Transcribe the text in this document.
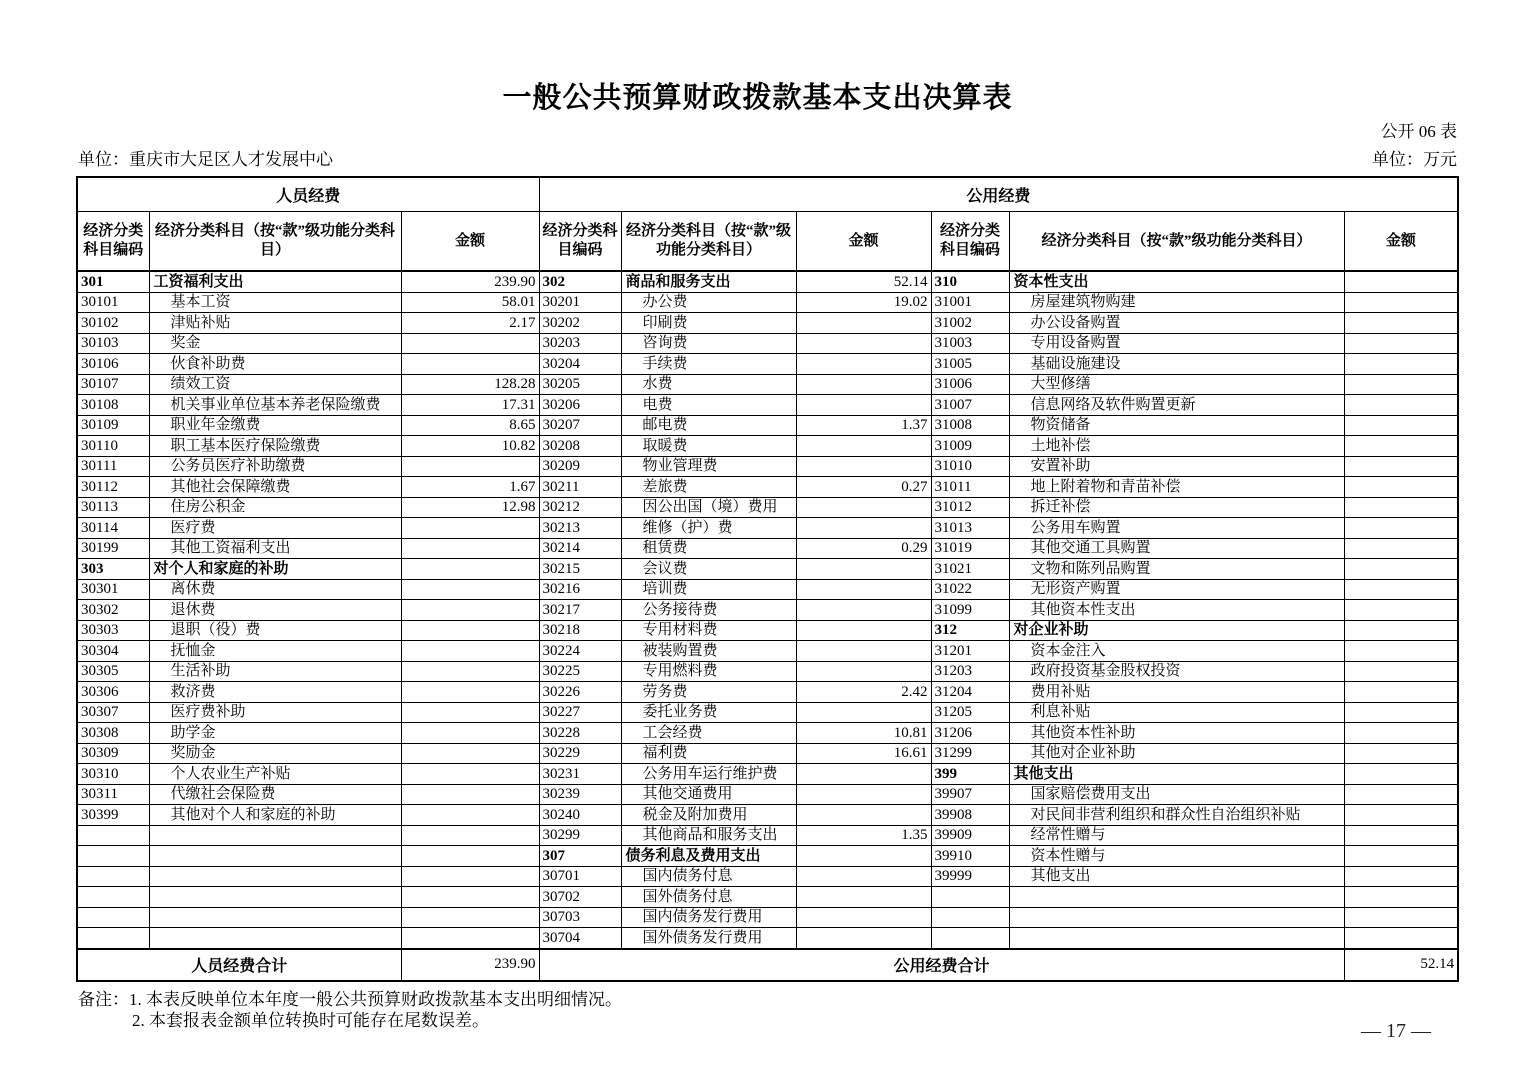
一般公共预算财政拨款基本支出决算表
公开 06 表
单位：重庆市大足区人才发展中心	单位：万元
人员经费			公用经费					
经济分类科目编码	经济分类科目（按“款”级功能分类科目）	金额	经济分类科目编码	经济分类科目（按“款”级功能分类科目）	金额	经济分类科目编码	经济分类科目（按“款”级功能分类科目）	金额
301	工资福利支出	239.90	302	商品和服务支出	52.14	310	资本性支出	
30101	基本工资	58.01	30201	办公费	19.02	31001	房屋建筑物购建	
30102	津贴补贴	2.17	30202	印刷费		31002	办公设备购置	
30103	奖金		30203	咨询费		31003	专用设备购置	
30106	伙食补助费		30204	手续费		31005	基础设施建设	
30107	绩效工资	128.28	30205	水费		31006	大型修缮	
30108	机关事业单位基本养老保险缴费	17.31	30206	电费		31007	信息网络及软件购置更新	
30109	职业年金缴费	8.65	30207	邮电费	1.37	31008	物资储备	
30110	职工基本医疗保险缴费	10.82	30208	取暖费		31009	土地补偿	
30111	公务员医疗补助缴费		30209	物业管理费		31010	安置补助	
30112	其他社会保障缴费	1.67	30211	差旅费	0.27	31011	地上附着物和青苗补偿	
30113	住房公积金	12.98	30212	因公出国（境）费用		31012	拆迁补偿	
30114	医疗费		30213	维修（护）费		31013	公务用车购置	
30199	其他工资福利支出		30214	租赁费	0.29	31019	其他交通工具购置	
303	对个人和家庭的补助		30215	会议费		31021	文物和陈列品购置	
30301	离休费		30216	培训费		31022	无形资产购置	
30302	退休费		30217	公务接待费		31099	其他资本性支出	
30303	退职（役）费		30218	专用材料费		312	对企业补助	
30304	抚恤金		30224	被装购置费		31201	资本金注入	
30305	生活补助		30225	专用燃料费		31203	政府投资基金股权投资	
30306	救济费		30226	劳务费	2.42	31204	费用补贴	
30307	医疗费补助		30227	委托业务费		31205	利息补贴	
30308	助学金		30228	工会经费	10.81	31206	其他资本性补助	
30309	奖励金		30229	福利费	16.61	31299	其他对企业补助	
30310	个人农业生产补贴		30231	公务用车运行维护费		399	其他支出	
30311	代缴社会保险费		30239	其他交通费用		39907	国家赔偿费用支出	
30399	其他对个人和家庭的补助		30240	税金及附加费用		39908	对民间非营利组织和群众性自治组织补贴	
			30299	其他商品和服务支出	1.35	39909	经常性赠与	
			307	债务利息及费用支出		39910	资本性赠与	
			30701	国内债务付息		39999	其他支出	
			30702	国外债务付息				
			30703	国内债务发行费用				
			30704	国外债务发行费用				
人员经费合计		239.90	公用经费合计					52.14
备注：1. 本表反映单位本年度一般公共预算财政拨款基本支出明细情况。
2. 本套报表金额单位转换时可能存在尾数误差。	— 17 —
